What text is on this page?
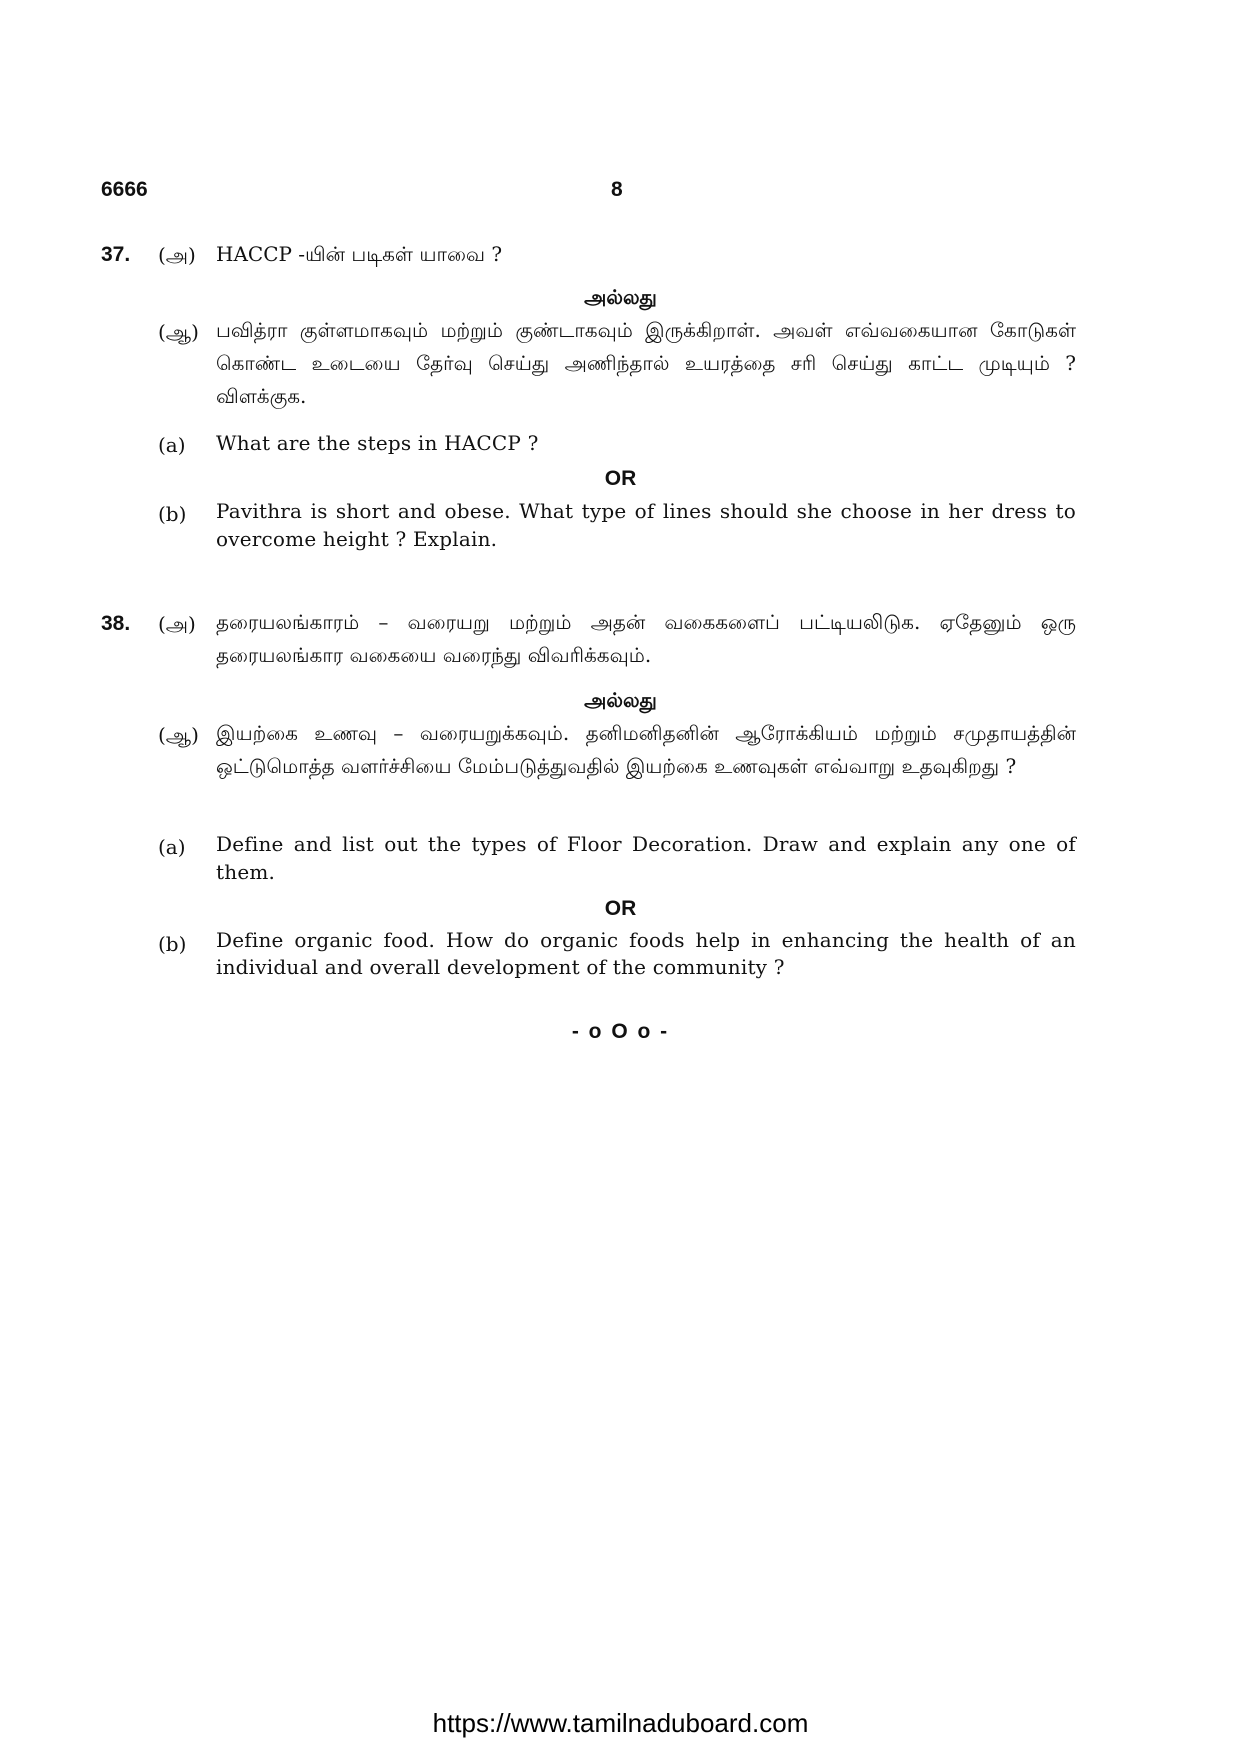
6666	8
37. (அ) HACCP -யின் படிகள் யாவை ?
அல்லது
(ஆ) பவித்ரா குள்ளமாகவும் மற்றும் குண்டாகவும் இருக்கிறாள். அவள் எவ்வகையான கோடுகள் கொண்ட உடையை தேர்வு செய்து அணிந்தால் உயரத்தை சரி செய்து காட்ட முடியும் ? விளக்குக.
(a) What are the steps in HACCP ?
OR
(b) Pavithra is short and obese. What type of lines should she choose in her dress to overcome height ? Explain.
38. (அ) தரையலங்காரம் – வரையறு மற்றும் அதன் வகைகளைப் பட்டியலிடுக. ஏதேனும் ஒரு தரையலங்கார வகையை வரைந்து விவரிக்கவும்.
அல்லது
(ஆ) இயற்கை உணவு – வரையறுக்கவும். தனிமனிதனின் ஆரோக்கியம் மற்றும் சமுதாயத்தின் ஒட்டுமொத்த வளர்ச்சியை மேம்படுத்துவதில் இயற்கை உணவுகள் எவ்வாறு உதவுகிறது ?
(a) Define and list out the types of Floor Decoration. Draw and explain any one of them.
OR
(b) Define organic food. How do organic foods help in enhancing the health of an individual and overall development of the community ?
- o O o -
https://www.tamilnaduboard.com
